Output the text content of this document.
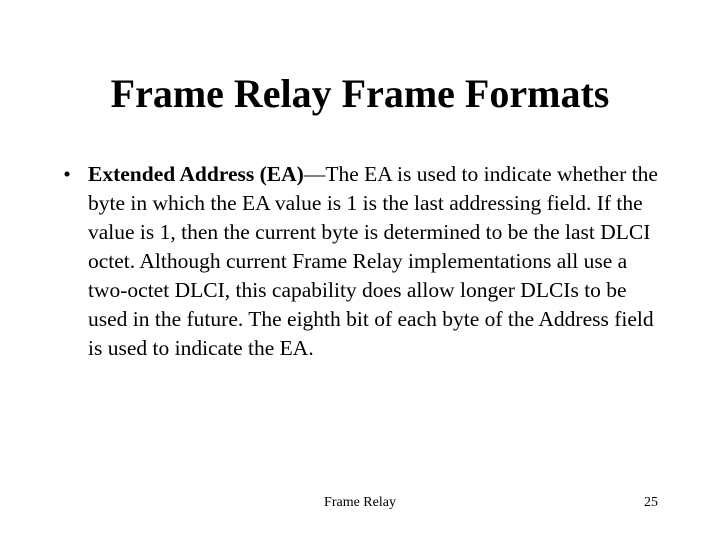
Frame Relay Frame Formats
• Extended Address (EA)—The EA is used to indicate whether the byte in which the EA value is 1 is the last addressing field. If the value is 1, then the current byte is determined to be the last DLCI octet. Although current Frame Relay implementations all use a two-octet DLCI, this capability does allow longer DLCIs to be used in the future. The eighth bit of each byte of the Address field is used to indicate the EA.
Frame Relay	25
